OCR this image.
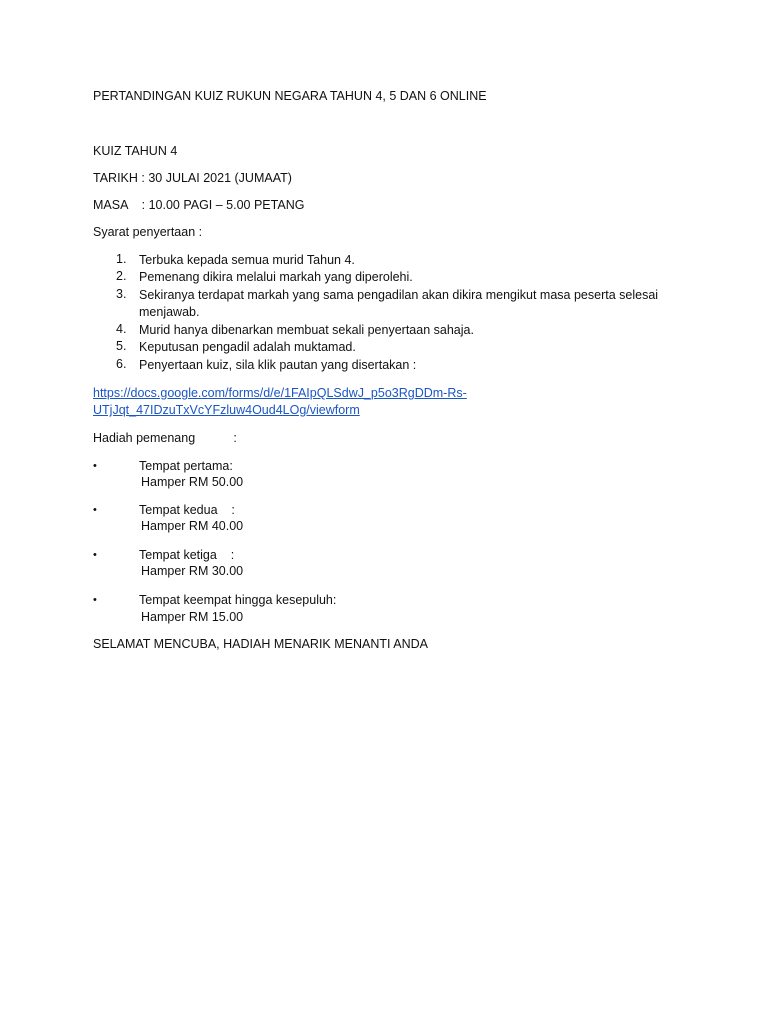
PERTANDINGAN KUIZ RUKUN NEGARA TAHUN 4, 5 DAN 6 ONLINE
KUIZ TAHUN 4
TARIKH : 30 JULAI 2021 (JUMAAT)
MASA    : 10.00 PAGI – 5.00 PETANG
Syarat penyertaan :
1. Terbuka kepada semua murid Tahun 4.
2. Pemenang dikira melalui markah yang diperolehi.
3. Sekiranya terdapat markah yang sama pengadilan akan dikira mengikut masa peserta selesai
menjawab.
4. Murid hanya dibenarkan membuat sekali penyertaan sahaja.
5. Keputusan pengadil adalah muktamad.
6. Penyertaan kuiz, sila klik pautan yang disertakan :
https://docs.google.com/forms/d/e/1FAIpQLSdwJ_p5o3RgDDm-Rs-
UTjJqt_47IDzuTxVcYFzluw4Oud4LOg/viewform
Hadiah pemenang           :
•	Tempat pertama:
Hamper RM 50.00
•	Tempat kedua    :
Hamper RM 40.00
•	Tempat ketiga    :
Hamper RM 30.00
•	Tempat keempat hingga kesepuluh:
Hamper RM 15.00
SELAMAT MENCUBA, HADIAH MENARIK MENANTI ANDA
